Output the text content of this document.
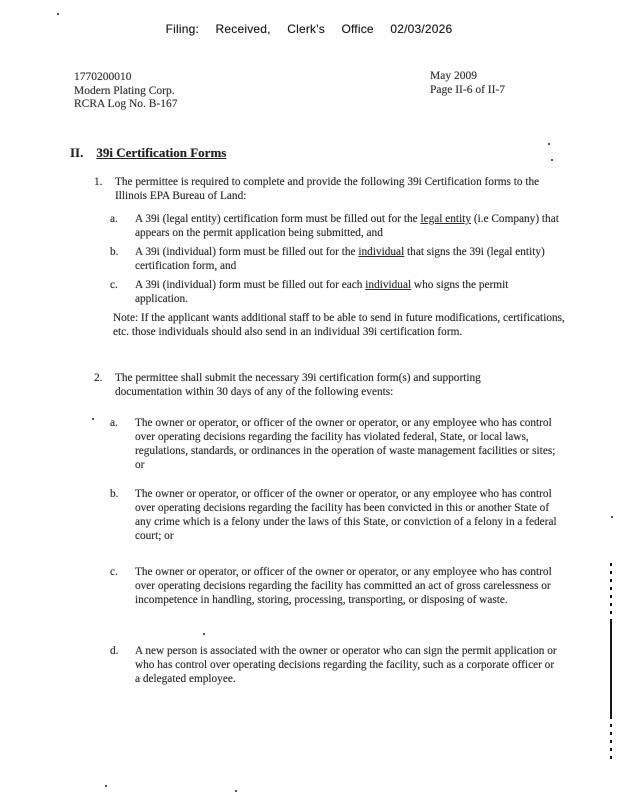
Filing: Received, Clerk's Office 02/03/2026
1770200010
Modern Plating Corp.
RCRA Log No. B-167
May 2009
Page II-6 of II-7
II. 39i Certification Forms
1.	The permittee is required to complete and provide the following 39i Certification forms to the Illinois EPA Bureau of Land:
a.	A 39i (legal entity) certification form must be filled out for the legal entity (i.e Company) that appears on the permit application being submitted, and
b.	A 39i (individual) form must be filled out for the individual that signs the 39i (legal entity) certification form, and
c.	A 39i (individual) form must be filled out for each individual who signs the permit application.
Note: If the applicant wants additional staff to be able to send in future modifications, certifications, etc. those individuals should also send in an individual 39i certification form.
2.	The permittee shall submit the necessary 39i certification form(s) and supporting documentation within 30 days of any of the following events:
a.	The owner or operator, or officer of the owner or operator, or any employee who has control over operating decisions regarding the facility has violated federal, State, or local laws, regulations, standards, or ordinances in the operation of waste management facilities or sites; or
b.	The owner or operator, or officer of the owner or operator, or any employee who has control over operating decisions regarding the facility has been convicted in this or another State of any crime which is a felony under the laws of this State, or conviction of a felony in a federal court; or
c.	The owner or operator, or officer of the owner or operator, or any employee who has control over operating decisions regarding the facility has committed an act of gross carelessness or incompetence in handling, storing, processing, transporting, or disposing of waste.
d.	A new person is associated with the owner or operator who can sign the permit application or who has control over operating decisions regarding the facility, such as a corporate officer or a delegated employee.
